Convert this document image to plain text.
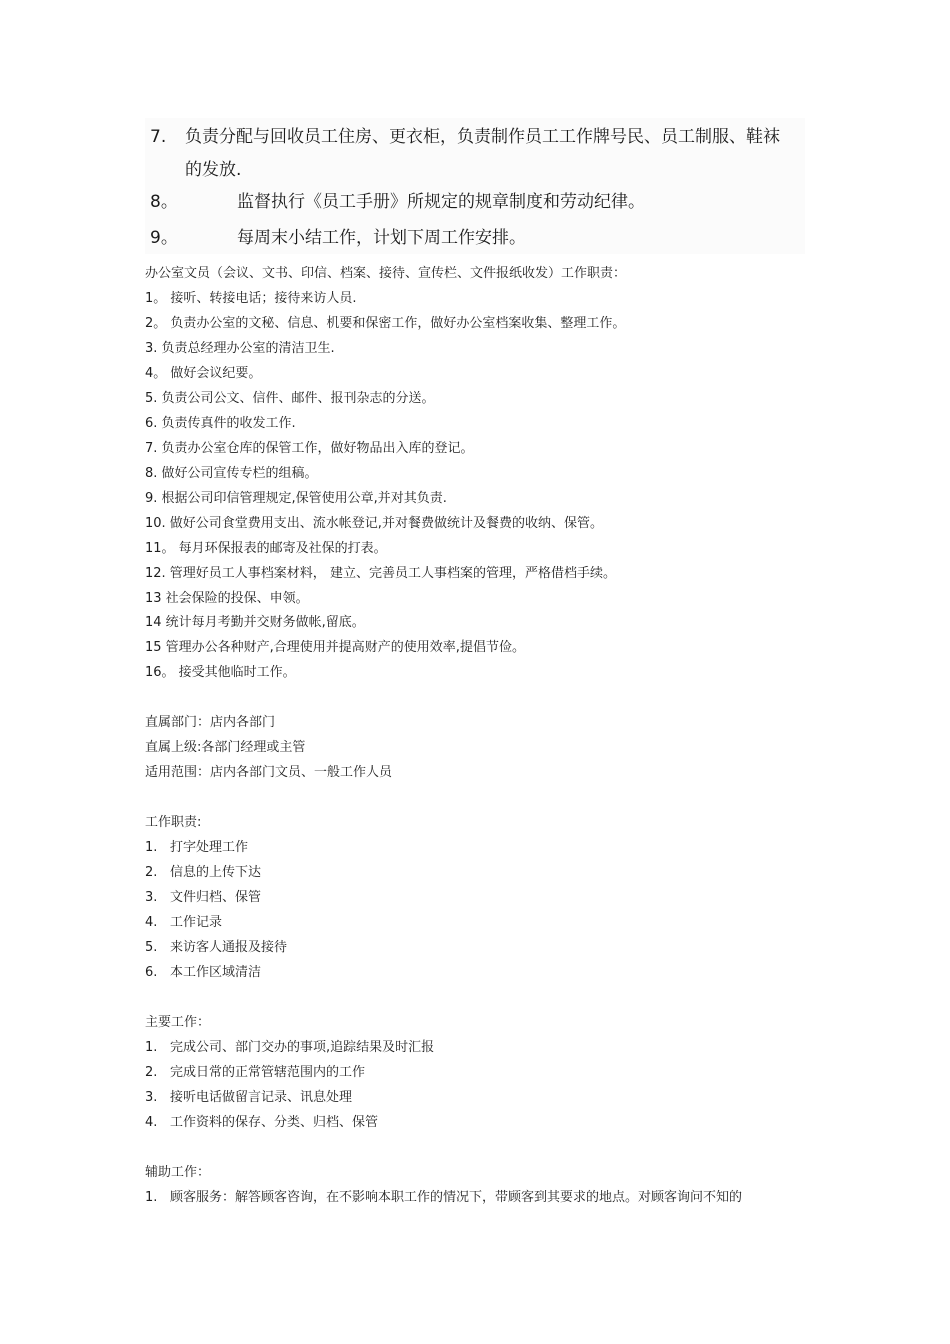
7. 负责分配与回收员工住房、更衣柜，负责制作员工工作牌号民、员工制服、鞋袜
的发放.
8。	监督执行《员工手册》所规定的规章制度和劳动纪律。
9。	每周末小结工作，计划下周工作安排。
办公室文员（会议、文书、印信、档案、接待、宣传栏、文件报纸收发）工作职责：
1。 接听、转接电话；接待来访人员.
2。 负责办公室的文秘、信息、机要和保密工作，做好办公室档案收集、整理工作。
3. 负责总经理办公室的清洁卫生.
4。 做好会议纪要。
5. 负责公司公文、信件、邮件、报刊杂志的分送。
6. 负责传真件的收发工作.
7. 负责办公室仓库的保管工作，做好物品出入库的登记。
8. 做好公司宣传专栏的组稿。
9. 根据公司印信管理规定,保管使用公章,并对其负责.
10. 做好公司食堂费用支出、流水帐登记,并对餐费做统计及餐费的收纳、保管。
11。 每月环保报表的邮寄及社保的打表。
12. 管理好员工人事档案材料， 建立、完善员工人事档案的管理，严格借档手续。
13 社会保险的投保、申领。
14 统计每月考勤并交财务做帐,留底。
15 管理办公各种财产,合理使用并提高财产的使用效率,提倡节俭。
16。 接受其他临时工作。
直属部门：店内各部门
直属上级:各部门经理或主管
适用范围：店内各部门文员、一般工作人员
工作职责:
1. 打字处理工作
2. 信息的上传下达
3. 文件归档、保管
4. 工作记录
5. 来访客人通报及接待
6. 本工作区域清洁
主要工作：
1. 完成公司、部门交办的事项,追踪结果及时汇报
2. 完成日常的正常管辖范围内的工作
3. 接听电话做留言记录、讯息处理
4. 工作资料的保存、分类、归档、保管
辅助工作：
1. 顾客服务：解答顾客咨询，在不影响本职工作的情况下，带顾客到其要求的地点。对顾客询问不知的
